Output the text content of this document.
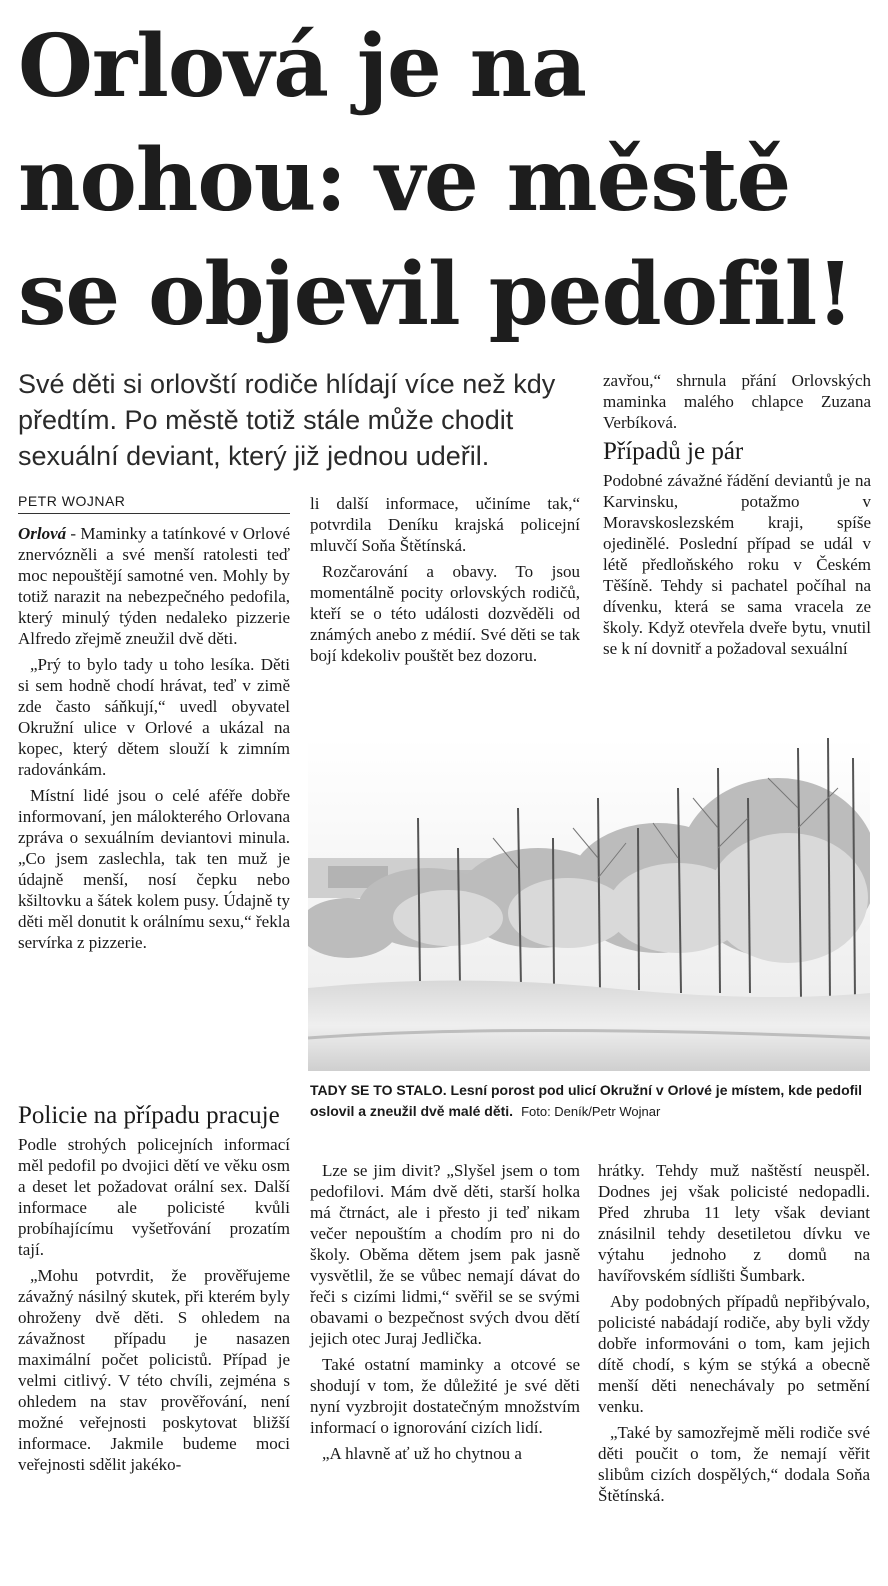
Orlová je na nohou: ve městě se objevil pedofil!

Své děti si orlovští rodiče hlídají více než kdy předtím. Po městě totiž stále může chodit sexuální deviant, který již jednou udeřil.

PETR WOJNAR

Orlová - Maminky a tatínkové v Orlové znervózněli a své menší ratolesti teď moc nepouštějí samotné ven. Mohly by totiž narazit na nebezpečného pedofila, který minulý týden nedaleko pizzerie Alfredo zřejmě zneužil dvě děti.

„Prý to bylo tady u toho lesíka. Děti si sem hodně chodí hrávat, teď v zimě zde často sáňkují,“ uvedl obyvatel Okružní ulice v Orlové a ukázal na kopec, který dětem slouží k zimním radovánkám.

Místní lidé jsou o celé aféře dobře informovaní, jen málokterého Orlovana zpráva o sexuálním deviantovi minula. „Co jsem zaslechla, tak ten muž je údajně menší, nosí čepku nebo kšiltovku a šátek kolem pusy. Údajně ty děti měl donutit k orálnímu sexu,“ řekla servírka z pizzerie.

li další informace, učiníme tak,“ potvrdila Deníku krajská policejní mluvčí Soňa Štětínská.

Rozčarování a obavy. To jsou momentálně pocity orlovských rodičů, kteří se o této události dozvěděli od známých anebo z médií. Své děti se tak bojí kdekoliv pouštět bez dozoru.

zavřou,“ shrnula přání Orlovských maminka malého chlapce Zuzana Verbíková.

Případů je pár

Podobné závažné řádění deviantů je na Karvinsku, potažmo v Moravskoslezském kraji, spíše ojedinělé. Poslední případ se udál v létě předloňského roku v Českém Těšíně. Tehdy si pachatel počíhal na dívenku, která se sama vracela ze školy. Když otevřela dveře bytu, vnutil se k ní dovnitř a požadoval sexuální

TADY SE TO STALO. Lesní porost pod ulicí Okružní v Orlové je místem, kde pedofil oslovil a zneužil dvě malé děti. Foto: Deník/Petr Wojnar
Policie na případu pracuje

Podle strohých policejních informací měl pedofil po dvojici dětí ve věku osm a deset let požadovat orální sex. Další informace ale policisté kvůli probíhajícímu vyšetřování prozatím tají.

„Mohu potvrdit, že prověřujeme závažný násilný skutek, při kterém byly ohroženy dvě děti. S ohledem na závažnost případu je nasazen maximální počet policistů. Případ je velmi citlivý. V této chvíli, zejména s ohledem na stav prověřování, není možné veřejnosti poskytovat bližší informace. Jakmile budeme moci veřejnosti sdělit jakéko-

Lze se jim divit? „Slyšel jsem o tom pedofilovi. Mám dvě děti, starší holka má čtrnáct, ale i přesto ji teď nikam večer nepouštím a chodím pro ni do školy. Oběma dětem jsem pak jasně vysvětlil, že se vůbec nemají dávat do řeči s cizími lidmi,“ svěřil se se svými obavami o bezpečnost svých dvou dětí jejich otec Juraj Jedlička.

Také ostatní maminky a otcové se shodují v tom, že důležité je své děti nyní vyzbrojit dostatečným množstvím informací o ignorování cizích lidí.

„A hlavně ať už ho chytnou a

hrátky. Tehdy muž naštěstí neuspěl. Dodnes jej však policisté nedopadli. Před zhruba 11 lety však deviant znásilnil tehdy desetiletou dívku ve výtahu jednoho z domů na havířovském sídlišti Šumbark.

Aby podobných případů nepřibývalo, policisté nabádají rodiče, aby byli vždy dobře informováni o tom, kam jejich dítě chodí, s kým se stýká a obecně menší děti nenechávaly po setmění venku.

„Také by samozřejmě měli rodiče své děti poučit o tom, že nemají věřit slibům cizích dospělých,“ dodala Soňa Štětínská.
